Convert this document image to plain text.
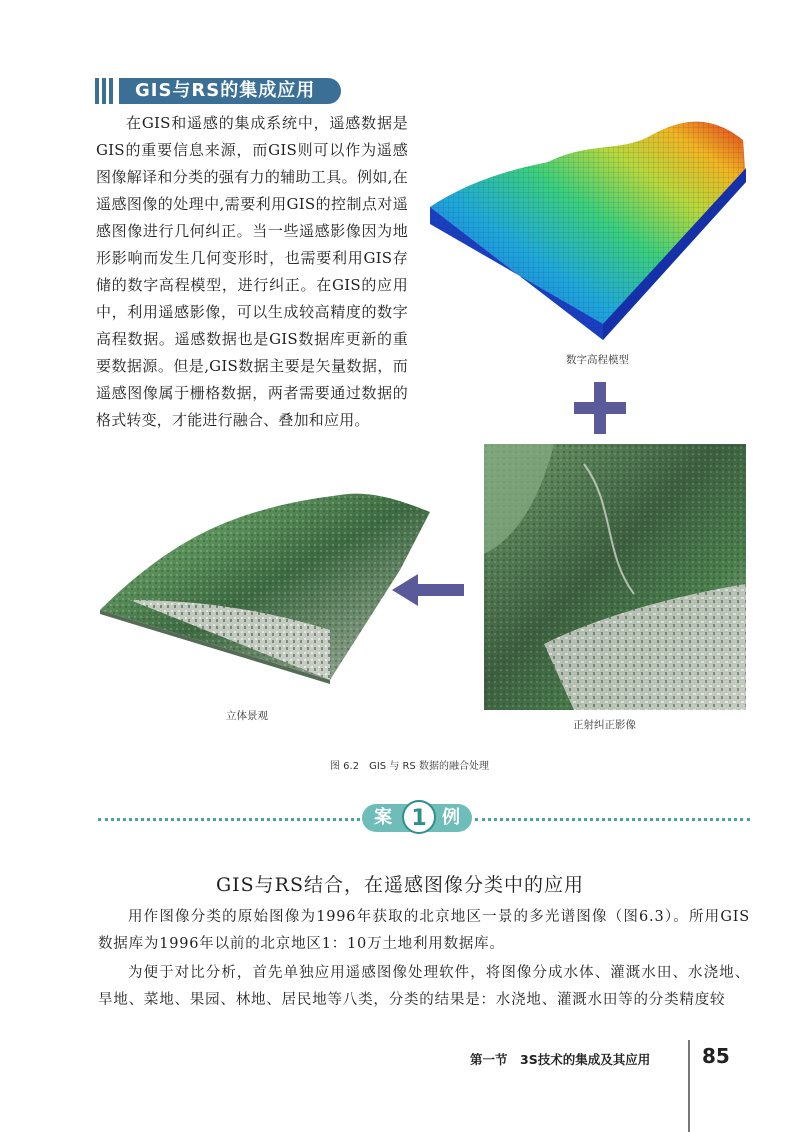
GIS与RS的集成应用
在GIS和遥感的集成系统中，遥感数据是GIS的重要信息来源，而GIS则可以作为遥感图像解译和分类的强有力的辅助工具。例如,在遥感图像的处理中,需要利用GIS的控制点对遥感图像进行几何纠正。当一些遥感影像因为地形影响而发生几何变形时，也需要利用GIS存储的数字高程模型，进行纠正。在GIS的应用中，利用遥感影像，可以生成较高精度的数字高程数据。遥感数据也是GIS数据库更新的重要数据源。但是,GIS数据主要是矢量数据，而遥感图像属于栅格数据，两者需要通过数据的格式转变，才能进行融合、叠加和应用。
数字高程模型
正射纠正影像
立体景观
图 6.2　GIS 与 RS 数据的融合处理
案 1 例
GIS与RS结合，在遥感图像分类中的应用
用作图像分类的原始图像为1996年获取的北京地区一景的多光谱图像（图6.3）。所用GIS数据库为1996年以前的北京地区1：10万土地利用数据库。
为便于对比分析，首先单独应用遥感图像处理软件，将图像分成水体、灌溉水田、水浇地、旱地、菜地、果园、林地、居民地等八类，分类的结果是：水浇地、灌溉水田等的分类精度较
第一节　3S技术的集成及其应用	85
